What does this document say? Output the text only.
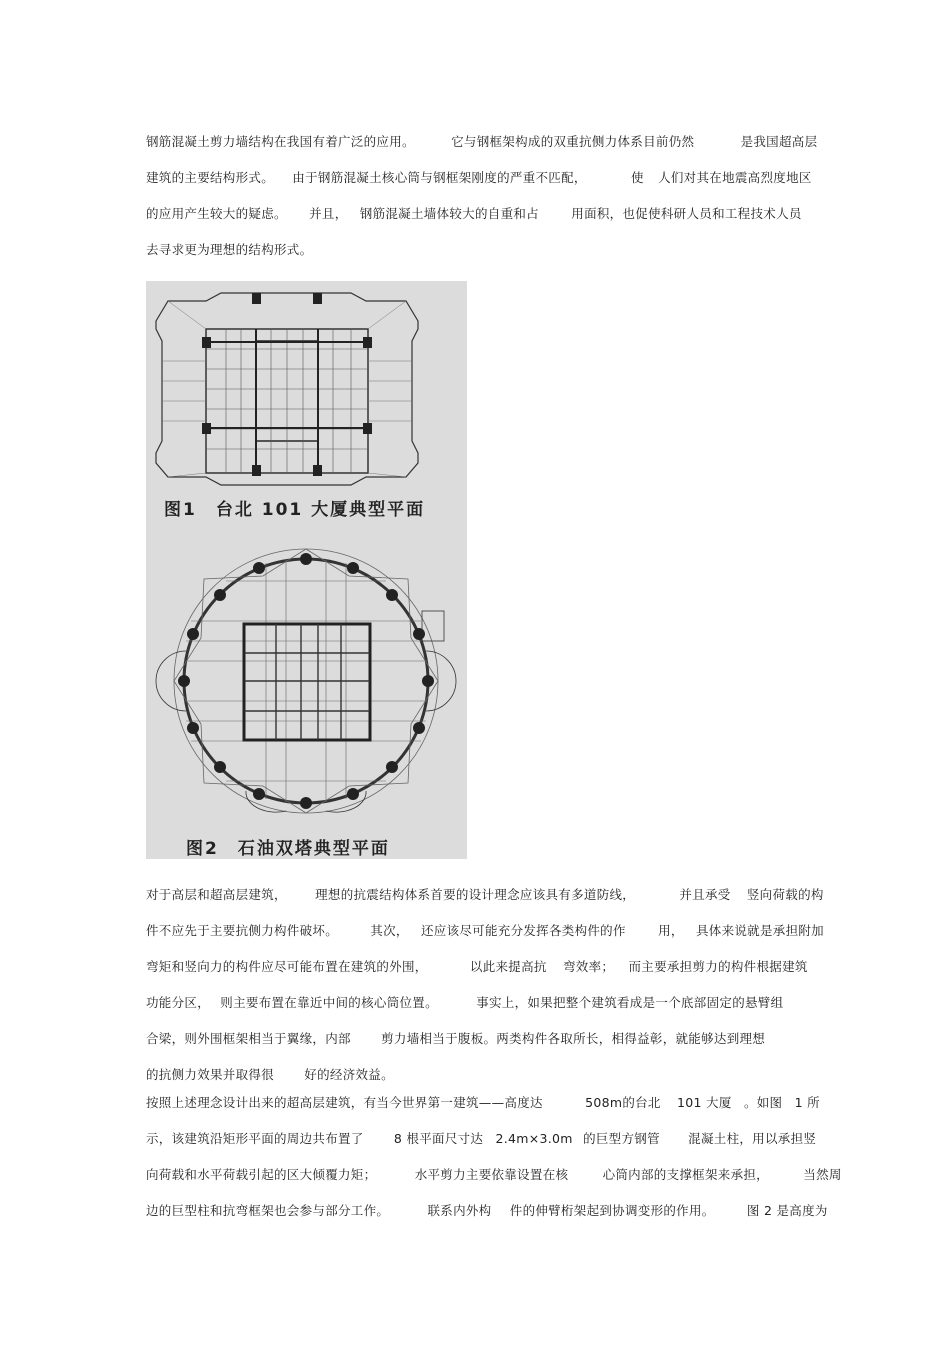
钢筋混凝土剪力墙结构在我国有着广泛的应用。	它与钢框架构成的双重抗侧力体系目前仍然	是我国超高层
建筑的主要结构形式。 由于钢筋混凝土核心筒与钢框架刚度的严重不匹配，	使 人们对其在地震高烈度地区
的应用产生较大的疑虑。 并且， 钢筋混凝土墙体较大的自重和占	用面积，也促使科研人员和工程技术人员
去寻求更为理想的结构形式。
图1　台北 101 大厦典型平面
图2　石油双塔典型平面
对于高层和超高层建筑， 理想的抗震结构体系首要的设计理念应该具有多道防线，	并且承受 竖向荷载的构
件不应先于主要抗侧力构件破坏。	其次， 还应该尽可能充分发挥各类构件的作	用， 具体来说就是承担附加
弯矩和竖向力的构件应尽可能布置在建筑的外围，	以此来提高抗 弯效率； 而主要承担剪力的构件根据建筑
功能分区， 则主要布置在靠近中间的核心筒位置。	事实上，如果把整个建筑看成是一个底部固定的悬臂组
合梁，则外围框架相当于翼缘，内部 剪力墙相当于腹板。两类构件各取所长，相得益彰，就能够达到理想
的抗侧力效果并取得很 好的经济效益。
按照上述理念设计出来的超高层建筑，有当今世界第一建筑——高度达	508m的台北 101 大厦 。如图 1 所
示，该建筑沿矩形平面的周边共布置了 8 根平面尺寸达 2.4m×3.0m 的巨型方钢管 混凝土柱，用以承担竖
向荷载和水平荷载引起的区大倾覆力矩；	水平剪力主要依靠设置在核	心筒内部的支撑框架来承担，	当然周
边的巨型柱和抗弯框架也会参与部分工作。	联系内外构 件的伸臂桁架起到协调变形的作用。	图 2 是高度为
